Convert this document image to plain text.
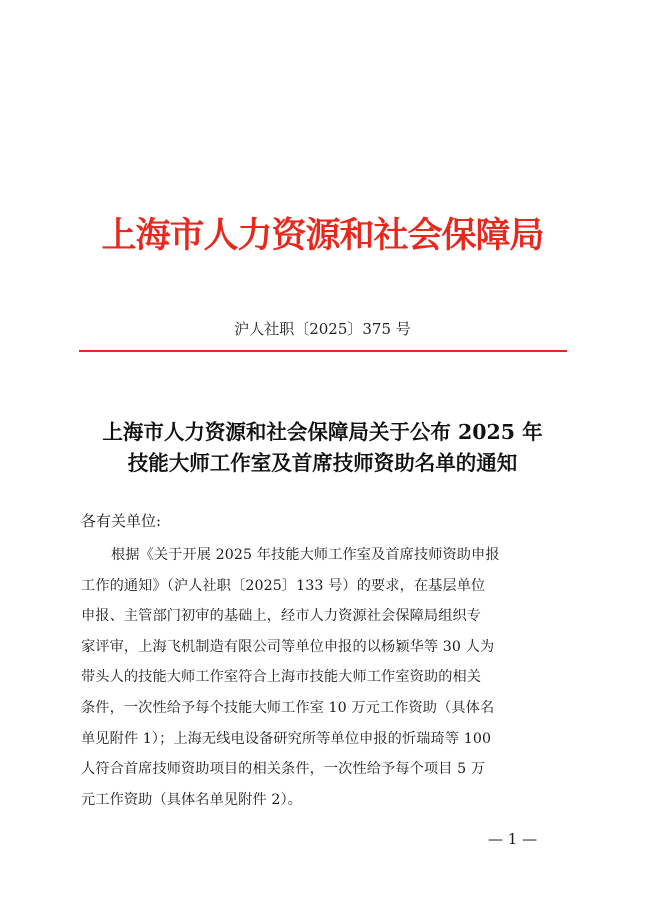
上海市人力资源和社会保障局
沪人社职〔2025〕375 号
上海市人力资源和社会保障局关于公布 2025 年
技能大师工作室及首席技师资助名单的通知
各有关单位:
根据《关于开展 2025 年技能大师工作室及首席技师资助申报
工作的通知》（沪人社职〔2025〕133 号）的要求，在基层单位
申报、主管部门初审的基础上，经市人力资源社会保障局组织专
家评审，上海飞机制造有限公司等单位申报的以杨颖华等 30 人为
带头人的技能大师工作室符合上海市技能大师工作室资助的相关
条件，一次性给予每个技能大师工作室 10 万元工作资助（具体名
单见附件 1）；上海无线电设备研究所等单位申报的忻瑞琦等 100
人符合首席技师资助项目的相关条件，一次性给予每个项目 5 万
元工作资助（具体名单见附件 2）。
— 1 —
